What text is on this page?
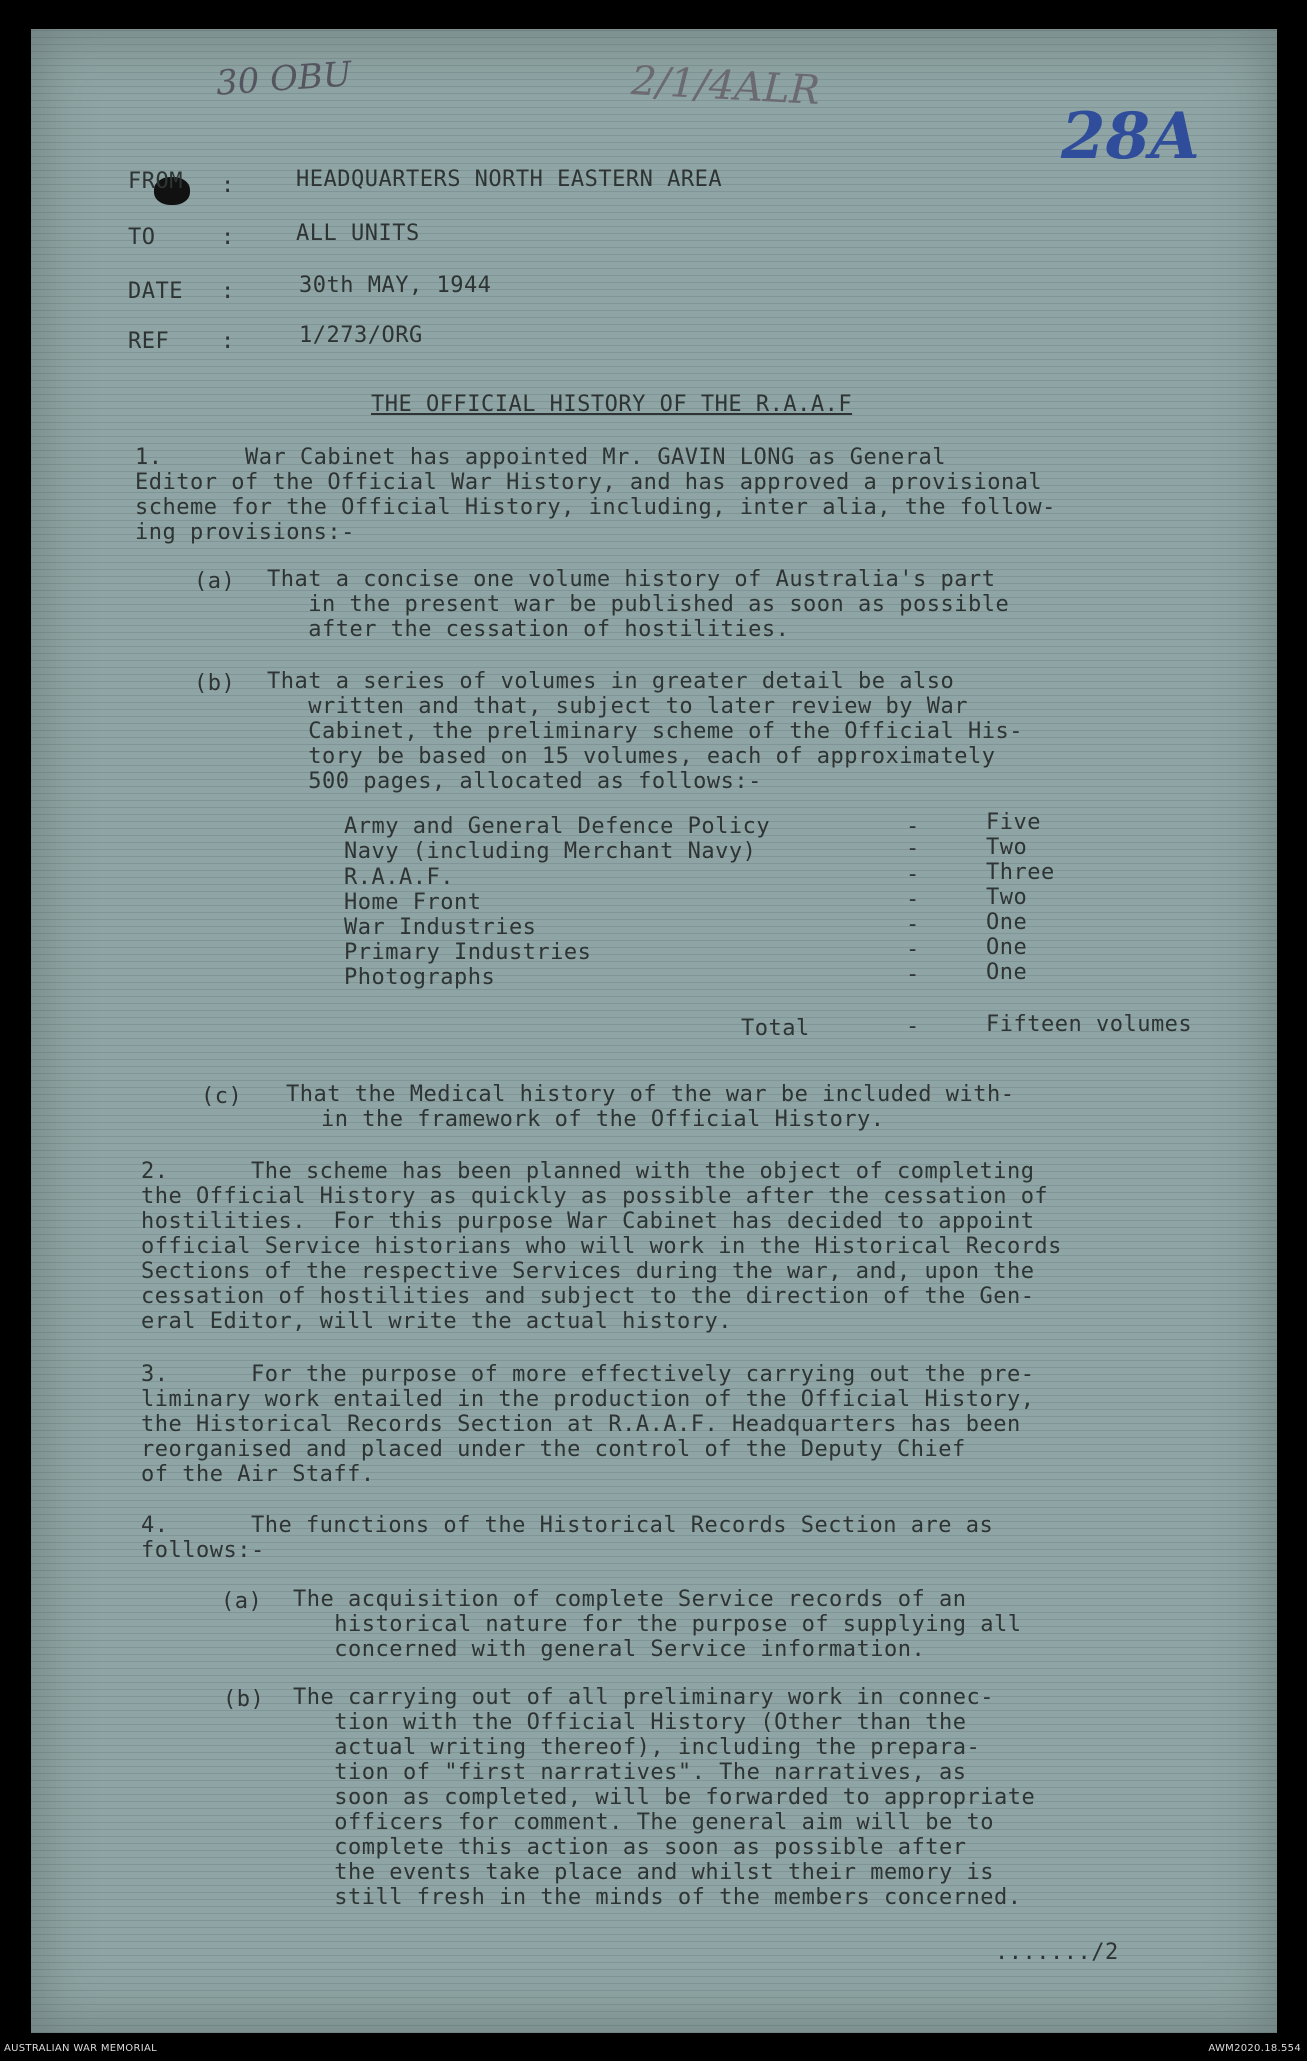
30 OBU	2/1/4ALR
28A
FROM :	HEADQUARTERS NORTH EASTERN AREA
TO	:	ALL UNITS
DATE :	30th MAY, 1944
REF :	1/273/ORG
THE OFFICIAL HISTORY OF THE R.A.A.F
1.      War Cabinet has appointed Mr. GAVIN LONG as General
Editor of the Official War History, and has approved a provisional
scheme for the Official History, including, inter alia, the follow-
ing provisions:-
(a) That a concise one volume history of Australia's part
in the present war be published as soon as possible
after the cessation of hostilities.
(b) That a series of volumes in greater detail be also
written and that, subject to later review by War
Cabinet, the preliminary scheme of the Official His-
tory be based on 15 volumes, each of approximately
500 pages, allocated as follows:-
Army and General Defence Policy	-	Five
Navy (including Merchant Navy)	-	Two
R.A.A.F.	-	Three
Home Front	-	Two
War Industries	-	One
Primary Industries	-	One
Photographs	-	One
Total	-	Fifteen volumes
(c) That the Medical history of the war be included with-
in the framework of the Official History.
2.      The scheme has been planned with the object of completing
the Official History as quickly as possible after the cessation of
hostilities.  For this purpose War Cabinet has decided to appoint
official Service historians who will work in the Historical Records
Sections of the respective Services during the war, and, upon the
cessation of hostilities and subject to the direction of the Gen-
eral Editor, will write the actual history.
3.      For the purpose of more effectively carrying out the pre-
liminary work entailed in the production of the Official History,
the Historical Records Section at R.A.A.F. Headquarters has been
reorganised and placed under the control of the Deputy Chief
of the Air Staff.
4.      The functions of the Historical Records Section are as
follows:-
(a) The acquisition of complete Service records of an
historical nature for the purpose of supplying all
concerned with general Service information.
(b) The carrying out of all preliminary work in connec-
tion with the Official History (Other than the
actual writing thereof), including the prepara-
tion of "first narratives". The narratives, as
soon as completed, will be forwarded to appropriate
officers for comment. The general aim will be to
complete this action as soon as possible after
the events take place and whilst their memory is
still fresh in the minds of the members concerned.
......./2
AUSTRALIAN WAR MEMORIAL	AWM2020.18.554
